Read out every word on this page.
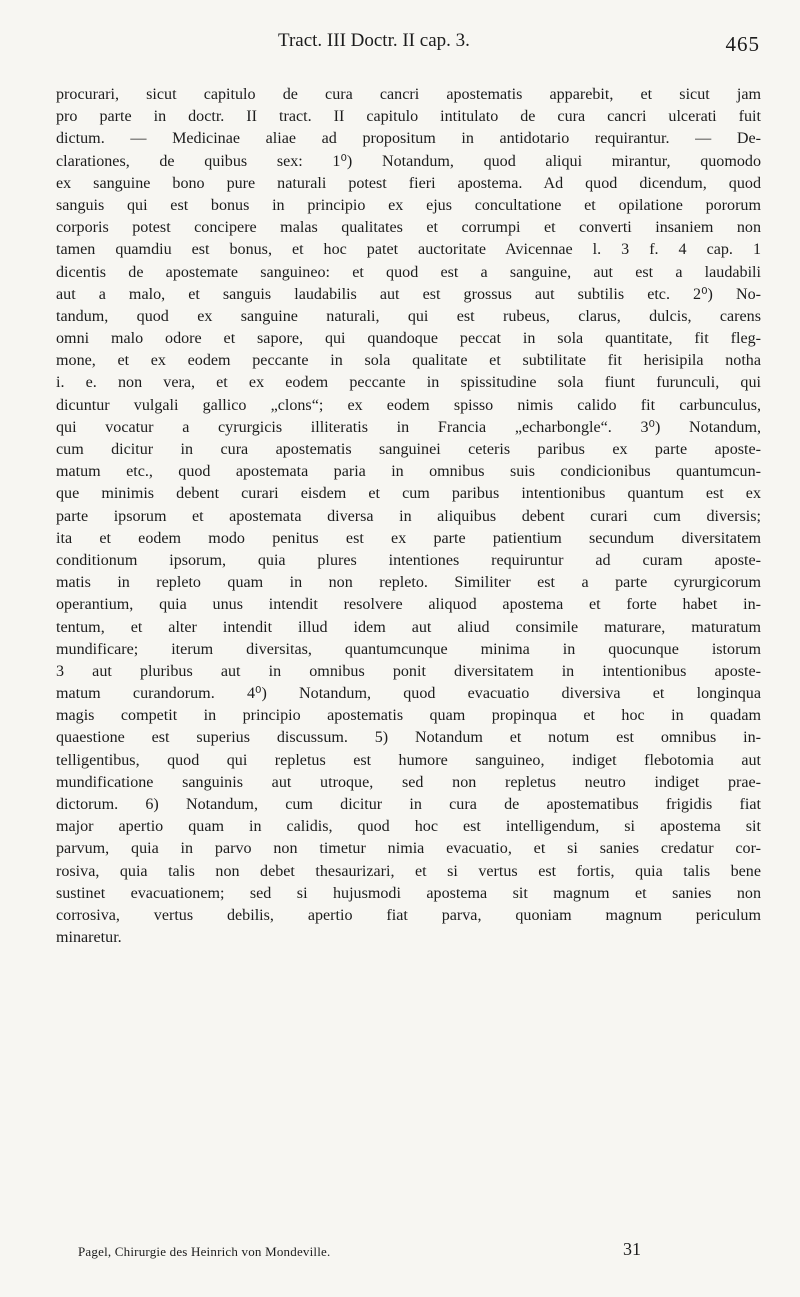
Tract. III Doctr. II cap. 3.	465
procurari, sicut capitulo de cura cancri apostematis apparebit, et sicut jam
pro parte in doctr. II tract. II capitulo intitulato de cura cancri ulcerati fuit
dictum. — Medicinae aliae ad propositum in antidotario requirantur. — De-
clarationes, de quibus sex: 1⁰) Notandum, quod aliqui mirantur, quomodo
ex sanguine bono pure naturali potest fieri apostema. Ad quod dicendum, quod
sanguis qui est bonus in principio ex ejus concultatione et opilatione pororum
corporis potest concipere malas qualitates et corrumpi et converti insaniem non
tamen quamdiu est bonus, et hoc patet auctoritate Avicennae l. 3 f. 4 cap. 1
dicentis de apostemate sanguineo: et quod est a sanguine, aut est a laudabili
aut a malo, et sanguis laudabilis aut est grossus aut subtilis etc. 2⁰) No-
tandum, quod ex sanguine naturali, qui est rubeus, clarus, dulcis, carens
omni malo odore et sapore, qui quandoque peccat in sola quantitate, fit fleg-
mone, et ex eodem peccante in sola qualitate et subtilitate fit herisipila notha
i. e. non vera, et ex eodem peccante in spissitudine sola fiunt furunculi, qui
dicuntur vulgali gallico „clons“; ex eodem spisso nimis calido fit carbunculus,
qui vocatur a cyrurgicis illiteratis in Francia „echarbongle“. 3⁰) Notandum,
cum dicitur in cura apostematis sanguinei ceteris paribus ex parte aposte-
matum etc., quod apostemata paria in omnibus suis condicionibus quantumcun-
que minimis debent curari eisdem et cum paribus intentionibus quantum est ex
parte ipsorum et apostemata diversa in aliquibus debent curari cum diversis;
ita et eodem modo penitus est ex parte patientium secundum diversitatem
conditionum ipsorum, quia plures intentiones requiruntur ad curam aposte-
matis in repleto quam in non repleto. Similiter est a parte cyrurgicorum
operantium, quia unus intendit resolvere aliquod apostema et forte habet in-
tentum, et alter intendit illud idem aut aliud consimile maturare, maturatum
mundificare; iterum diversitas, quantumcunque minima in quocunque istorum
3 aut pluribus aut in omnibus ponit diversitatem in intentionibus aposte-
matum curandorum. 4⁰) Notandum, quod evacuatio diversiva et longinqua
magis competit in principio apostematis quam propinqua et hoc in quadam
quaestione est superius discussum. 5) Notandum et notum est omnibus in-
telligentibus, quod qui repletus est humore sanguineo, indiget flebotomia aut
mundificatione sanguinis aut utroque, sed non repletus neutro indiget prae-
dictorum. 6) Notandum, cum dicitur in cura de apostematibus frigidis fiat
major apertio quam in calidis, quod hoc est intelligendum, si apostema sit
parvum, quia in parvo non timetur nimia evacuatio, et si sanies credatur cor-
rosiva, quia talis non debet thesaurizari, et si vertus est fortis, quia talis bene
sustinet evacuationem; sed si hujusmodi apostema sit magnum et sanies non
corrosiva, vertus debilis, apertio fiat parva, quoniam magnum periculum
minaretur.
Pagel, Chirurgie des Heinrich von Mondeville.	31
